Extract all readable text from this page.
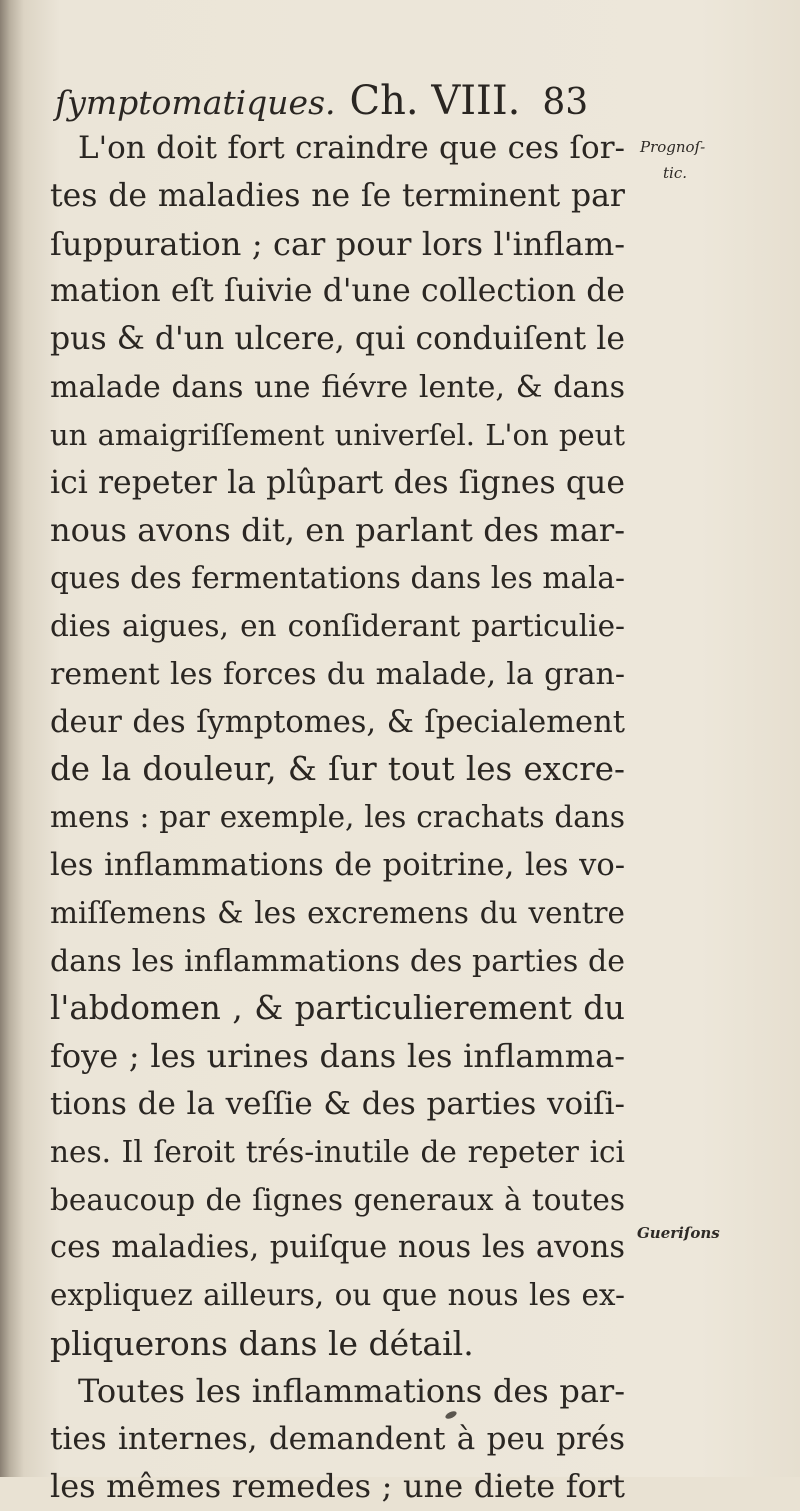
ſymptomatiques. Ch. VIII. 83
Prognoſ-
tic.
Gueriſons
L'on doit fort craindre que ces ſor-
tes de maladies ne ſe terminent par
ſuppuration ; car pour lors l'inflam-
mation eſt ſuivie d'une collection de
pus & d'un ulcere, qui conduiſent le
malade dans une fiévre lente, & dans
un amaigriſſement univerſel. L'on peut
ici repeter la plûpart des ſignes que
nous avons dit, en parlant des mar-
ques des fermentations dans les mala-
dies aigues, en conſiderant particulie-
rement les forces du malade, la gran-
deur des ſymptomes, & ſpecialement
de la douleur, & ſur tout les excre-
mens : par exemple, les crachats dans
les inflammations de poitrine, les vo-
miſſemens & les excremens du ventre
dans les inflammations des parties de
l'abdomen , & particulierement du
foye ; les urines dans les inflamma-
tions de la veſſie & des parties voiſi-
nes. Il ſeroit trés-inutile de repeter ici
beaucoup de ſignes generaux à toutes
ces maladies, puiſque nous les avons
expliquez ailleurs, ou que nous les ex-
pliquerons dans le détail.
Toutes les inflammations des par-
ties internes, demandent à peu prés
les mêmes remedes ; une diete fort
